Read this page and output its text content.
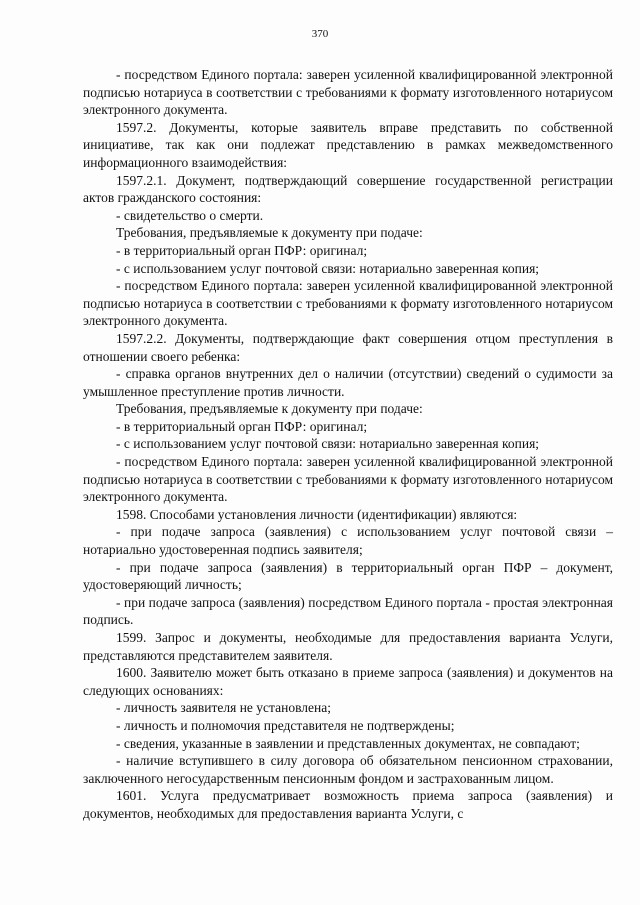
370

- посредством Единого портала: заверен усиленной квалифицированной электронной подписью нотариуса в соответствии с требованиями к формату изготовленного нотариусом электронного документа.

1597.2. Документы, которые заявитель вправе представить по собственной инициативе, так как они подлежат представлению в рамках межведомственного информационного взаимодействия:

1597.2.1. Документ, подтверждающий совершение государственной регистрации актов гражданского состояния:

- свидетельство о смерти.

Требования, предъявляемые к документу при подаче:

- в территориальный орган ПФР: оригинал;

- с использованием услуг почтовой связи: нотариально заверенная копия;

- посредством Единого портала: заверен усиленной квалифицированной электронной подписью нотариуса в соответствии с требованиями к формату изготовленного нотариусом электронного документа.

1597.2.2. Документы, подтверждающие факт совершения отцом преступления в отношении своего ребенка:

- справка органов внутренних дел о наличии (отсутствии) сведений о судимости за умышленное преступление против личности.

Требования, предъявляемые к документу при подаче:

- в территориальный орган ПФР: оригинал;

- с использованием услуг почтовой связи: нотариально заверенная копия;

- посредством Единого портала: заверен усиленной квалифицированной электронной подписью нотариуса в соответствии с требованиями к формату изготовленного нотариусом электронного документа.

1598. Способами установления личности (идентификации) являются:

- при подаче запроса (заявления) с использованием услуг почтовой связи – нотариально удостоверенная подпись заявителя;

- при подаче запроса (заявления) в территориальный орган ПФР – документ, удостоверяющий личность;

- при подаче запроса (заявления) посредством Единого портала - простая электронная подпись.

1599. Запрос и документы, необходимые для предоставления варианта Услуги, представляются представителем заявителя.

1600. Заявителю может быть отказано в приеме запроса (заявления) и документов на следующих основаниях:

- личность заявителя не установлена;

- личность и полномочия представителя не подтверждены;

- сведения, указанные в заявлении и представленных документах, не совпадают;

- наличие вступившего в силу договора об обязательном пенсионном страховании, заключенного негосударственным пенсионным фондом и застрахованным лицом.

1601. Услуга предусматривает возможность приема запроса (заявления) и документов, необходимых для предоставления варианта Услуги, с
